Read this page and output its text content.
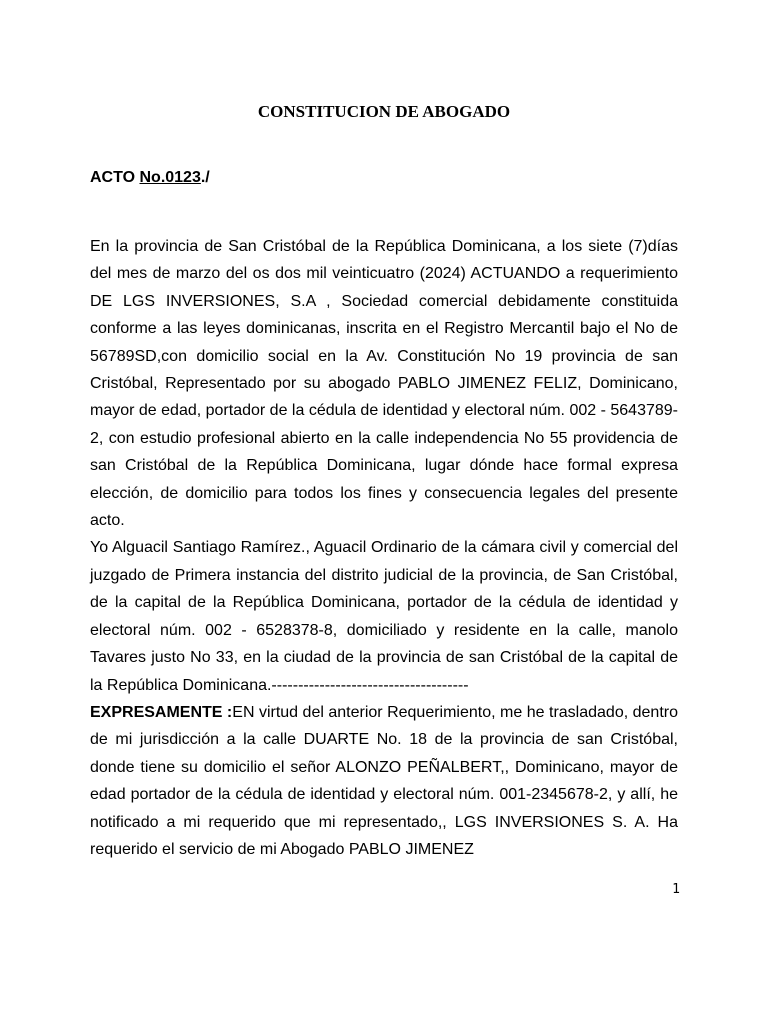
CONSTITUCION DE ABOGADO
ACTO No.0123./

En la provincia de San Cristóbal de la República Dominicana, a los siete (7)días del mes de marzo del os dos mil veinticuatro (2024) ACTUANDO a requerimiento DE LGS INVERSIONES, S.A , Sociedad comercial debidamente constituida conforme a las leyes dominicanas, inscrita en el Registro Mercantil bajo el No de 56789SD,con domicilio social en la Av. Constitución No 19 provincia de san Cristóbal, Representado por su abogado PABLO JIMENEZ FELIZ, Dominicano, mayor de edad, portador de la cédula de identidad y electoral núm. 002 - 5643789-2, con estudio profesional abierto en la calle independencia No 55 providencia de san Cristóbal de la República Dominicana, lugar dónde hace formal expresa elección, de domicilio para todos los fines y consecuencia legales del presente acto.

Yo Alguacil Santiago Ramírez., Aguacil Ordinario de la cámara civil y comercial del juzgado de Primera instancia del distrito judicial de la provincia, de San Cristóbal, de la capital de la República Dominicana, portador de la cédula de identidad y electoral núm. 002 - 6528378-8, domiciliado y residente en la calle, manolo Tavares justo No 33, en la ciudad de la provincia de san Cristóbal de la capital de la República Dominicana.-------------------------------------

EXPRESAMENTE :EN virtud del anterior Requerimiento, me he trasladado, dentro de mi jurisdicción a la calle DUARTE No. 18 de la provincia de san Cristóbal, donde tiene su domicilio el señor ALONZO PEÑALBERT,, Dominicano, mayor de edad portador de la cédula de identidad y electoral núm. 001-2345678-2, y allí, he notificado a mi requerido que mi representado,, LGS INVERSIONES S. A. Ha requerido el servicio de mi Abogado PABLO JIMENEZ

1
